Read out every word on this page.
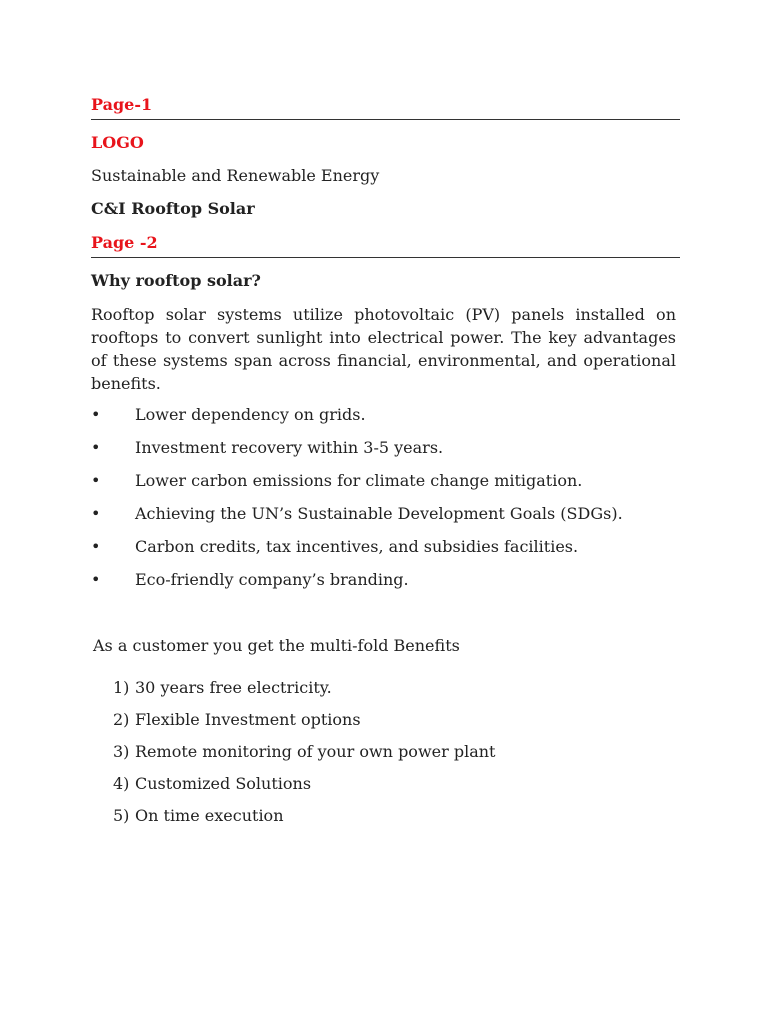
Page-1

LOGO

Sustainable and Renewable Energy

C&I Rooftop Solar

Page -2

Why rooftop solar?

Rooftop solar systems utilize photovoltaic (PV) panels installed on rooftops to convert sunlight into electrical power. The key advantages of these systems span across financial, environmental, and operational benefits.

• Lower dependency on grids.
• Investment recovery within 3-5 years.
• Lower carbon emissions for climate change mitigation.
• Achieving the UN’s Sustainable Development Goals (SDGs).
• Carbon credits, tax incentives, and subsidies facilities.
• Eco-friendly company’s branding.

As a customer you get the multi-fold Benefits

1) 30 years free electricity.
2) Flexible Investment options
3) Remote monitoring of your own power plant
4) Customized Solutions
5) On time execution
